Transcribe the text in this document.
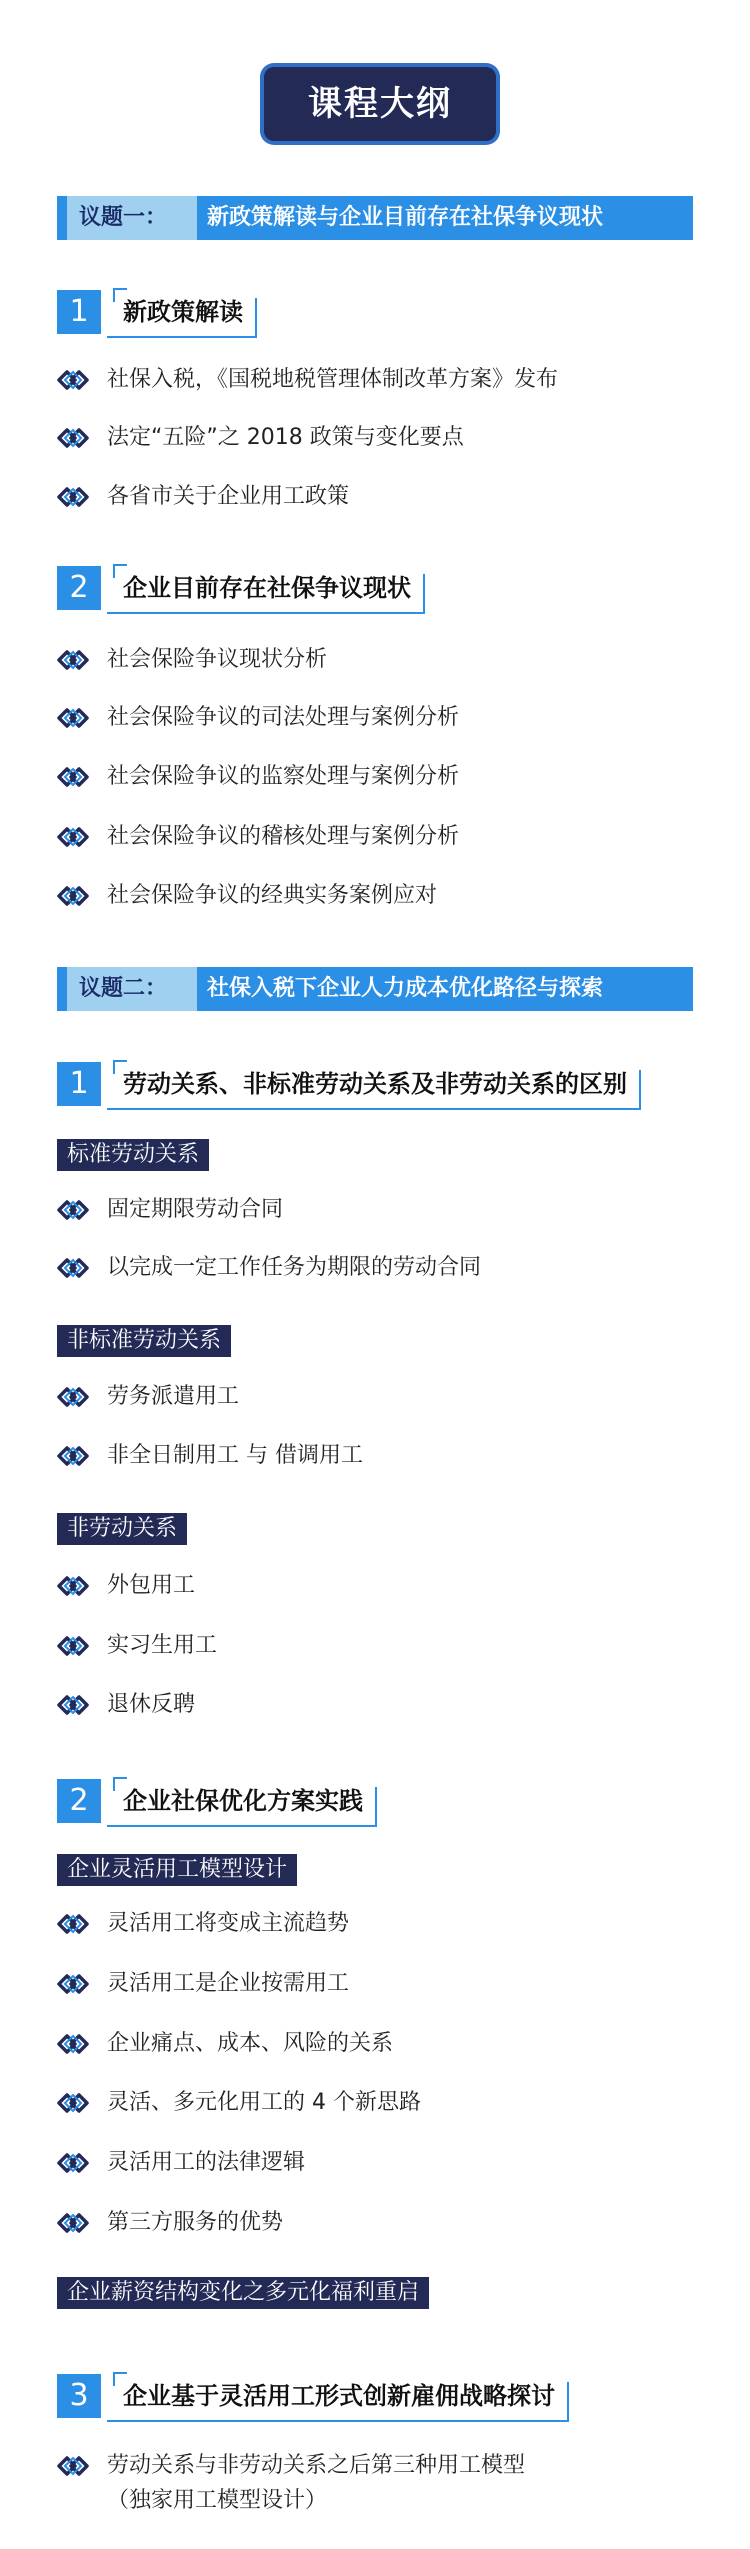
课程大纲
议题一：	新政策解读与企业目前存在社保争议现状
1	新政策解读
社保入税，《国税地税管理体制改革方案》发布
法定“五险”之 2018 政策与变化要点
各省市关于企业用工政策
2	企业目前存在社保争议现状
社会保险争议现状分析
社会保险争议的司法处理与案例分析
社会保险争议的监察处理与案例分析
社会保险争议的稽核处理与案例分析
社会保险争议的经典实务案例应对
议题二：	社保入税下企业人力成本优化路径与探索
1	劳动关系、非标准劳动关系及非劳动关系的区别
标准劳动关系
固定期限劳动合同
以完成一定工作任务为期限的劳动合同
非标准劳动关系
劳务派遣用工
非全日制用工 与 借调用工
非劳动关系
外包用工
实习生用工
退休反聘
2	企业社保优化方案实践
企业灵活用工模型设计
灵活用工将变成主流趋势
灵活用工是企业按需用工
企业痛点、成本、风险的关系
灵活、多元化用工的 4 个新思路
灵活用工的法律逻辑
第三方服务的优势
企业薪资结构变化之多元化福利重启
3	企业基于灵活用工形式创新雇佣战略探讨
劳动关系与非劳动关系之后第三种用工模型
（独家用工模型设计）
